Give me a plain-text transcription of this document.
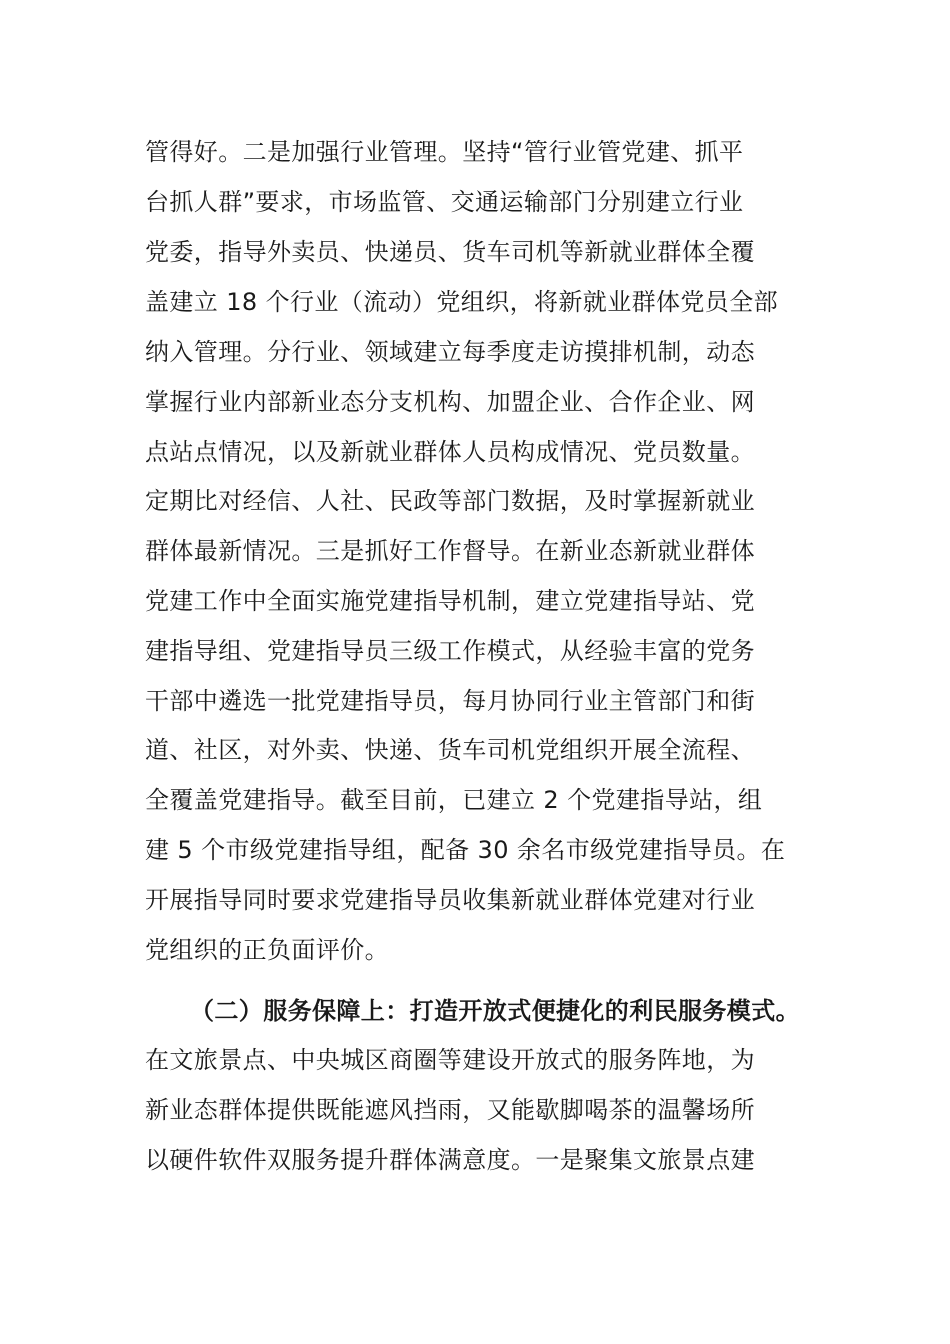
管得好。二是加强行业管理。坚持“管行业管党建、抓平
台抓人群”要求，市场监管、交通运输部门分别建立行业
党委，指导外卖员、快递员、货车司机等新就业群体全覆
盖建立 18 个行业（流动）党组织，将新就业群体党员全部
纳入管理。分行业、领域建立每季度走访摸排机制，动态
掌握行业内部新业态分支机构、加盟企业、合作企业、网
点站点情况，以及新就业群体人员构成情况、党员数量。
定期比对经信、人社、民政等部门数据，及时掌握新就业
群体最新情况。三是抓好工作督导。在新业态新就业群体
党建工作中全面实施党建指导机制，建立党建指导站、党
建指导组、党建指导员三级工作模式，从经验丰富的党务
干部中遴选一批党建指导员，每月协同行业主管部门和街
道、社区，对外卖、快递、货车司机党组织开展全流程、
全覆盖党建指导。截至目前，已建立 2 个党建指导站，组
建 5 个市级党建指导组，配备 30 余名市级党建指导员。在
开展指导同时要求党建指导员收集新就业群体党建对行业
党组织的正负面评价。
（二）服务保障上：打造开放式便捷化的利民服务模式。
在文旅景点、中央城区商圈等建设开放式的服务阵地，为
新业态群体提供既能遮风挡雨，又能歇脚喝茶的温馨场所
以硬件软件双服务提升群体满意度。一是聚集文旅景点建
